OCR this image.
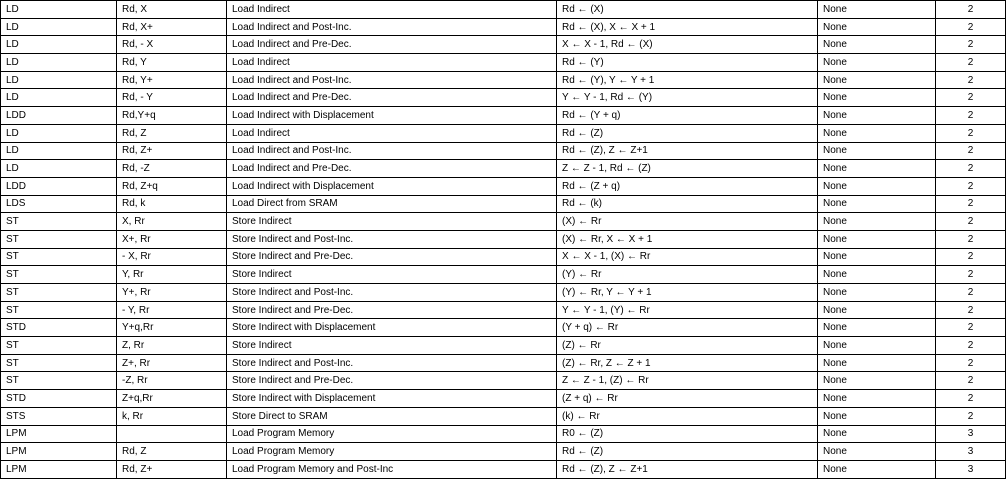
LD	Rd, X	Load Indirect	Rd ← (X)	None	2
LD	Rd, X+	Load Indirect and Post-Inc.	Rd ← (X), X ← X + 1	None	2
LD	Rd, - X	Load Indirect and Pre-Dec.	X ← X - 1, Rd ← (X)	None	2
LD	Rd, Y	Load Indirect	Rd ← (Y)	None	2
LD	Rd, Y+	Load Indirect and Post-Inc.	Rd ← (Y), Y ← Y + 1	None	2
LD	Rd, - Y	Load Indirect and Pre-Dec.	Y ← Y - 1, Rd ← (Y)	None	2
LDD	Rd,Y+q	Load Indirect with Displacement	Rd ← (Y + q)	None	2
LD	Rd, Z	Load Indirect	Rd ← (Z)	None	2
LD	Rd, Z+	Load Indirect and Post-Inc.	Rd ← (Z), Z ← Z+1	None	2
LD	Rd, -Z	Load Indirect and Pre-Dec.	Z ← Z - 1, Rd ← (Z)	None	2
LDD	Rd, Z+q	Load Indirect with Displacement	Rd ← (Z + q)	None	2
LDS	Rd, k	Load Direct from SRAM	Rd ← (k)	None	2
ST	X, Rr	Store Indirect	(X) ← Rr	None	2
ST	X+, Rr	Store Indirect and Post-Inc.	(X) ← Rr, X ← X + 1	None	2
ST	- X, Rr	Store Indirect and Pre-Dec.	X ← X - 1, (X) ← Rr	None	2
ST	Y, Rr	Store Indirect	(Y) ← Rr	None	2
ST	Y+, Rr	Store Indirect and Post-Inc.	(Y) ← Rr, Y ← Y + 1	None	2
ST	- Y, Rr	Store Indirect and Pre-Dec.	Y ← Y - 1, (Y) ← Rr	None	2
STD	Y+q,Rr	Store Indirect with Displacement	(Y + q) ← Rr	None	2
ST	Z, Rr	Store Indirect	(Z) ← Rr	None	2
ST	Z+, Rr	Store Indirect and Post-Inc.	(Z) ← Rr, Z ← Z + 1	None	2
ST	-Z, Rr	Store Indirect and Pre-Dec.	Z ← Z - 1, (Z) ← Rr	None	2
STD	Z+q,Rr	Store Indirect with Displacement	(Z + q) ← Rr	None	2
STS	k, Rr	Store Direct to SRAM	(k) ← Rr	None	2
LPM		Load Program Memory	R0 ← (Z)	None	3
LPM	Rd, Z	Load Program Memory	Rd ← (Z)	None	3
LPM	Rd, Z+	Load Program Memory and Post-Inc	Rd ← (Z), Z ← Z+1	None	3
